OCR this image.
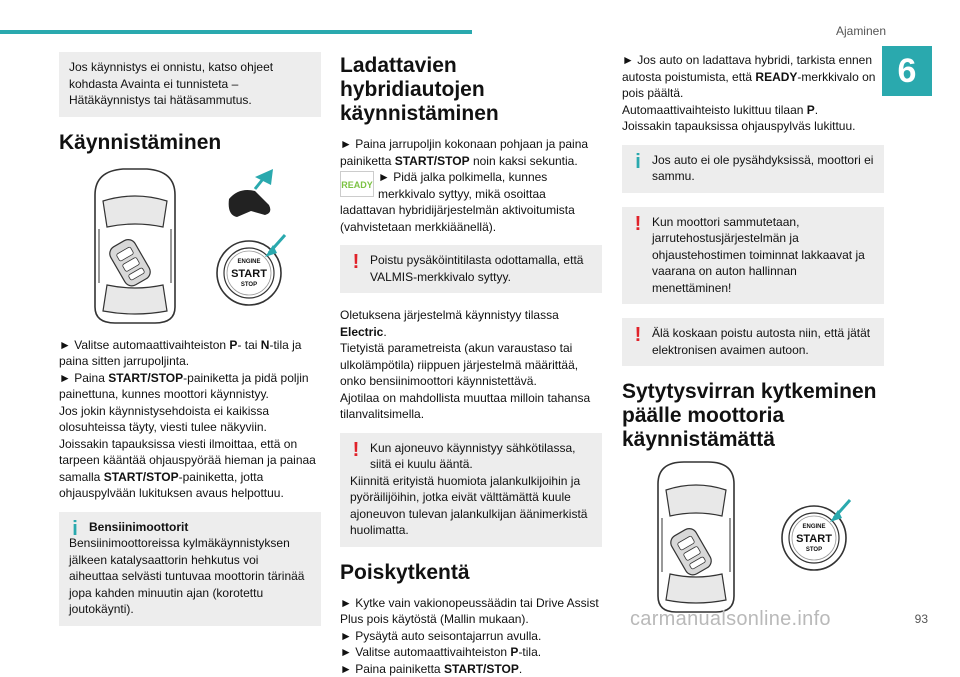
Ajaminen
6

Jos käynnistys ei onnistu, katso ohjeet kohdasta Avainta ei tunnisteta – Hätäkäynnistys tai hätäsammutus.

Käynnistäminen
ENGINE
START
STOP

► Valitse automaattivaihteiston P- tai N-tila ja paina sitten jarrupoljinta.

► Paina START/STOP-painiketta ja pidä poljin painettuna, kunnes moottori käynnistyy.

Jos jokin käynnistysehdoista ei kaikissa olosuhteissa täyty, viesti tulee näkyviin.

Joissakin tapauksissa viesti ilmoittaa, että on tarpeen kääntää ohjauspyörää hieman ja painaa samalla START/STOP-painiketta, jotta ohjauspylvään lukituksen avaus helpottuu.

i Bensiinimoottorit

Bensiinimoottoreissa kylmäkäynnistyksen jälkeen katalysaattorin hehkutus voi aiheuttaa selvästi tuntuvaa moottorin tärinää jopa kahden minuutin ajan (korotettu joutokäynti).

Ladattavien hybridiautojen käynnistäminen

► Paina jarrupoljin kokonaan pohjaan ja paina painiketta START/STOP noin kaksi sekuntia.

READY
► Pidä jalka polkimella, kunnes merkkivalo syttyy, mikä osoittaa ladattavan hybridijärjestelmän aktivoitumista (vahvistetaan merkkiäänellä).

! Poistu pysäköintitilasta odottamalla, että VALMIS-merkkivalo syttyy.

Oletuksena järjestelmä käynnistyy tilassa Electric.

Tietyistä parametreista (akun varaustaso tai ulkolämpötila) riippuen järjestelmä määrittää, onko bensiinimoottori käynnistettävä.

Ajotilaa on mahdollista muuttaa milloin tahansa tilanvalitsimella.

! Kun ajoneuvo käynnistyy sähkötilassa, siitä ei kuulu ääntä.

Kiinnitä erityistä huomiota jalankulkijoihin ja pyöräilijöihin, jotka eivät välttämättä kuule ajoneuvon tulevan jalankulkijan äänimerkistä huolimatta.

Poiskytkentä

► Kytke vain vakionopeussäädin tai Drive Assist Plus pois käytöstä (Mallin mukaan).

► Pysäytä auto seisontajarrun avulla.

► Valitse automaattivaihteiston P-tila.

► Paina painiketta START/STOP.

► Jos auto on ladattava hybridi, tarkista ennen autosta poistumista, että READY-merkkivalo on pois päältä.

Automaattivaihteisto lukittuu tilaan P.

Joissakin tapauksissa ohjauspylväs lukittuu.

i Jos auto ei ole pysähdyksissä, moottori ei sammu.

! Kun moottori sammutetaan, jarrutehostusjärjestelmän ja ohjaustehostimen toiminnat lakkaavat ja vaarana on auton hallinnan menettäminen!

! Älä koskaan poistu autosta niin, että jätät elektronisen avaimen autoon.

Sytytysvirran kytkeminen päälle moottoria käynnistämättä
ENGINE
START
STOP
carmanualsonline.info	93
